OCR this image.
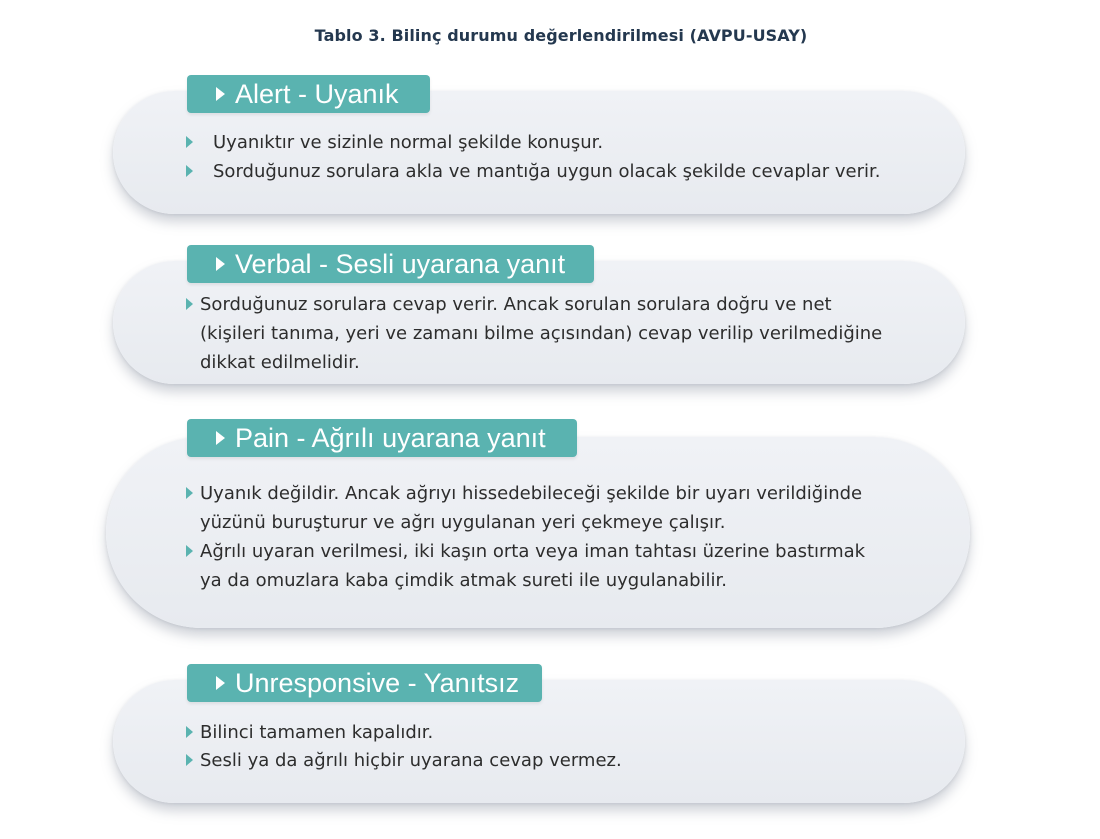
Tablo 3. Bilinç durumu değerlendirilmesi (AVPU-USAY)
Alert - Uyanık
Uyanıktır ve sizinle normal şekilde konuşur.
Sorduğunuz sorulara akla ve mantığa uygun olacak şekilde cevaplar verir.
Verbal - Sesli uyarana yanıt
Sorduğunuz sorulara cevap verir. Ancak sorulan sorulara doğru ve net
(kişileri tanıma, yeri ve zamanı bilme açısından) cevap verilip verilmediğine
dikkat edilmelidir.
Pain - Ağrılı uyarana yanıt
Uyanık değildir. Ancak ağrıyı hissedebileceği şekilde bir uyarı verildiğinde
yüzünü buruşturur ve ağrı uygulanan yeri çekmeye çalışır.
Ağrılı uyaran verilmesi, iki kaşın orta veya iman tahtası üzerine bastırmak
ya da omuzlara kaba çimdik atmak sureti ile uygulanabilir.
Unresponsive - Yanıtsız
Bilinci tamamen kapalıdır.
Sesli ya da ağrılı hiçbir uyarana cevap vermez.
